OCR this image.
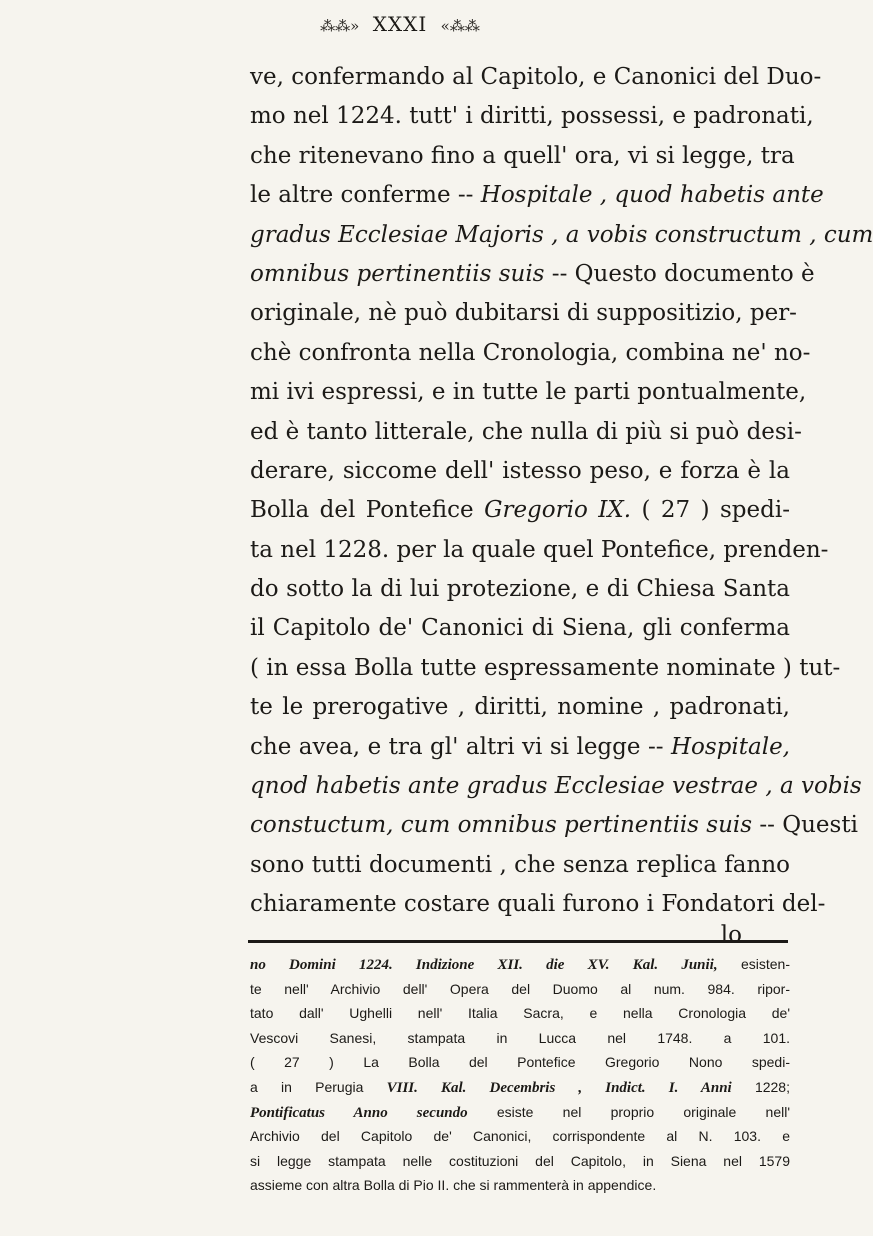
⁂⁂» XXXI «⁂⁂
ve, confermando al Capitolo, e Canonici del Duo-
mo nel 1224. tutt' i diritti, possessi, e padronati,
che ritenevano fino a quell' ora, vi si legge, tra
le altre conferme -- Hospitale , quod habetis ante
gradus Ecclesiae Majoris , a vobis constructum , cum
omnibus pertinentiis suis -- Questo documento è
originale, nè può dubitarsi di suppositizio, per-
chè confronta nella Cronologia, combina ne' no-
mi ivi espressi, e in tutte le parti pontualmente,
ed è tanto litterale, che nulla di più si può desi-
derare, siccome dell' istesso peso, e forza è la
Bolla del Pontefice Gregorio IX. ( 27 ) spedi-
ta nel 1228. per la quale quel Pontefice, prenden-
do sotto la di lui protezione, e di Chiesa Santa
il Capitolo de' Canonici di Siena, gli conferma
( in essa Bolla tutte espressamente nominate ) tut-
te le prerogative , diritti, nomine , padronati,
che avea, e tra gl' altri vi si legge -- Hospitale,
qnod habetis ante gradus Ecclesiae vestrae , a vobis
constuctum, cum omnibus pertinentiis suis -- Questi
sono tutti documenti , che senza replica fanno
chiaramente costare quali furono i Fondatori del-
lo
no Domini 1224. Indizione XII. die XV. Kal. Junii, esisten-
te nell' Archivio dell' Opera del Duomo al num. 984. ripor-
tato dall' Ughelli nell' Italia Sacra, e nella Cronologia de'
Vescovi Sanesi, stampata in Lucca nel 1748. a 101.
( 27 ) La Bolla del Pontefice Gregorio Nono spedi-
a in Perugia VIII. Kal. Decembris , Indict. I. Anni 1228;
Pontificatus Anno secundo esiste nel proprio originale nell'
Archivio del Capitolo de' Canonici, corrispondente al N. 103. e
si legge stampata nelle costituzioni del Capitolo, in Siena nel 1579
assieme con altra Bolla di Pio II. che si rammenterà in appendice.
